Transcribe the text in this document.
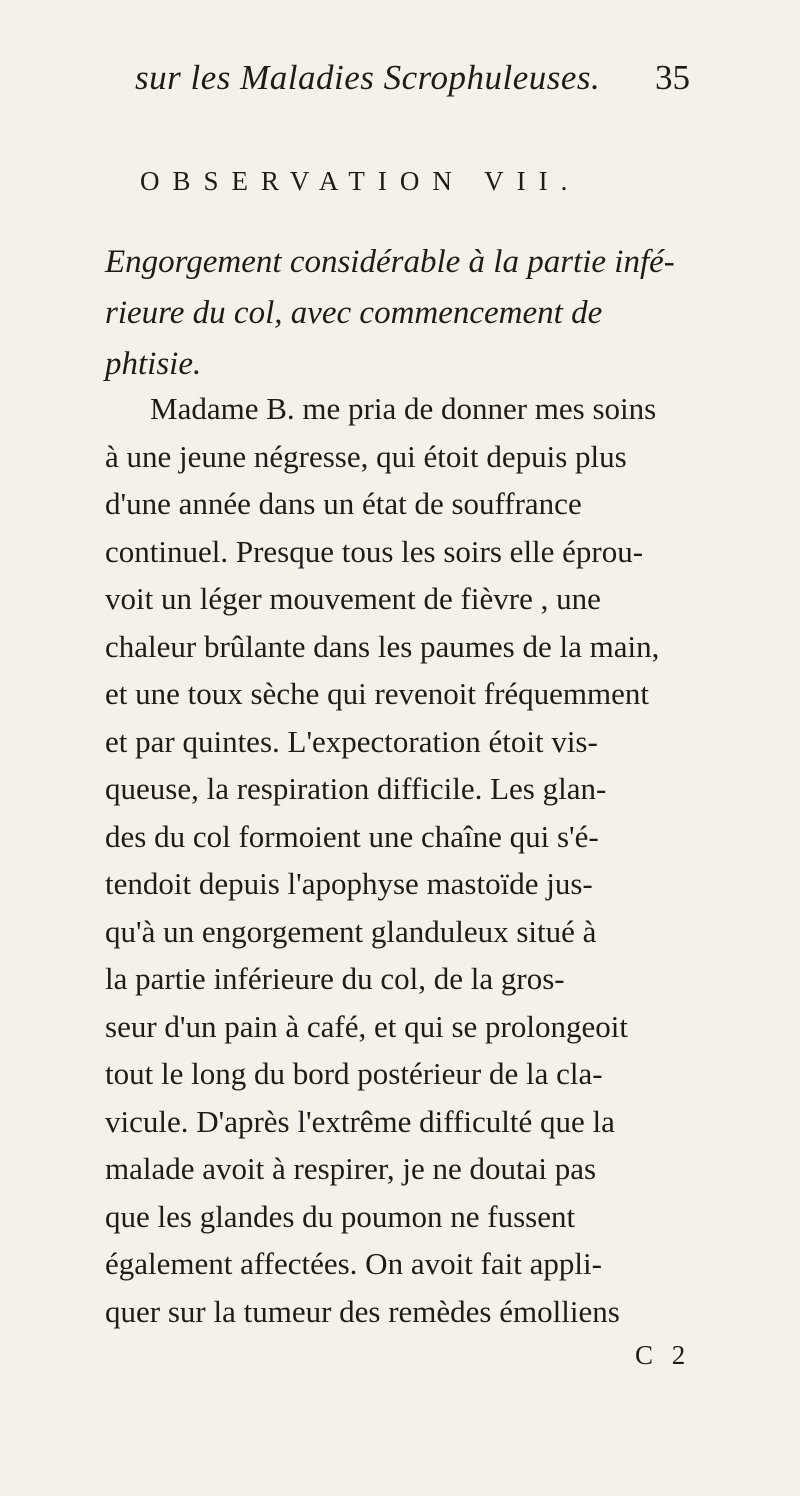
sur les Maladies Scrophuleuses. 35
OBSERVATION VII.
Engorgement considérable à la partie infé-
rieure du col, avec commencement de
phtisie.
Madame B. me pria de donner mes soins
à une jeune négresse, qui étoit depuis plus
d'une année dans un état de souffrance
continuel. Presque tous les soirs elle éprou-
voit un léger mouvement de fièvre , une
chaleur brûlante dans les paumes de la main,
et une toux sèche qui revenoit fréquemment
et par quintes. L'expectoration étoit vis-
queuse, la respiration difficile. Les glan-
des du col formoient une chaîne qui s'é-
tendoit depuis l'apophyse mastoïde jus-
qu'à un engorgement glanduleux situé à
la partie inférieure du col, de la gros-
seur d'un pain à café, et qui se prolongeoit
tout le long du bord postérieur de la cla-
vicule. D'après l'extrême difficulté que la
malade avoit à respirer, je ne doutai pas
que les glandes du poumon ne fussent
également affectées. On avoit fait appli-
quer sur la tumeur des remèdes émolliens
C 2
